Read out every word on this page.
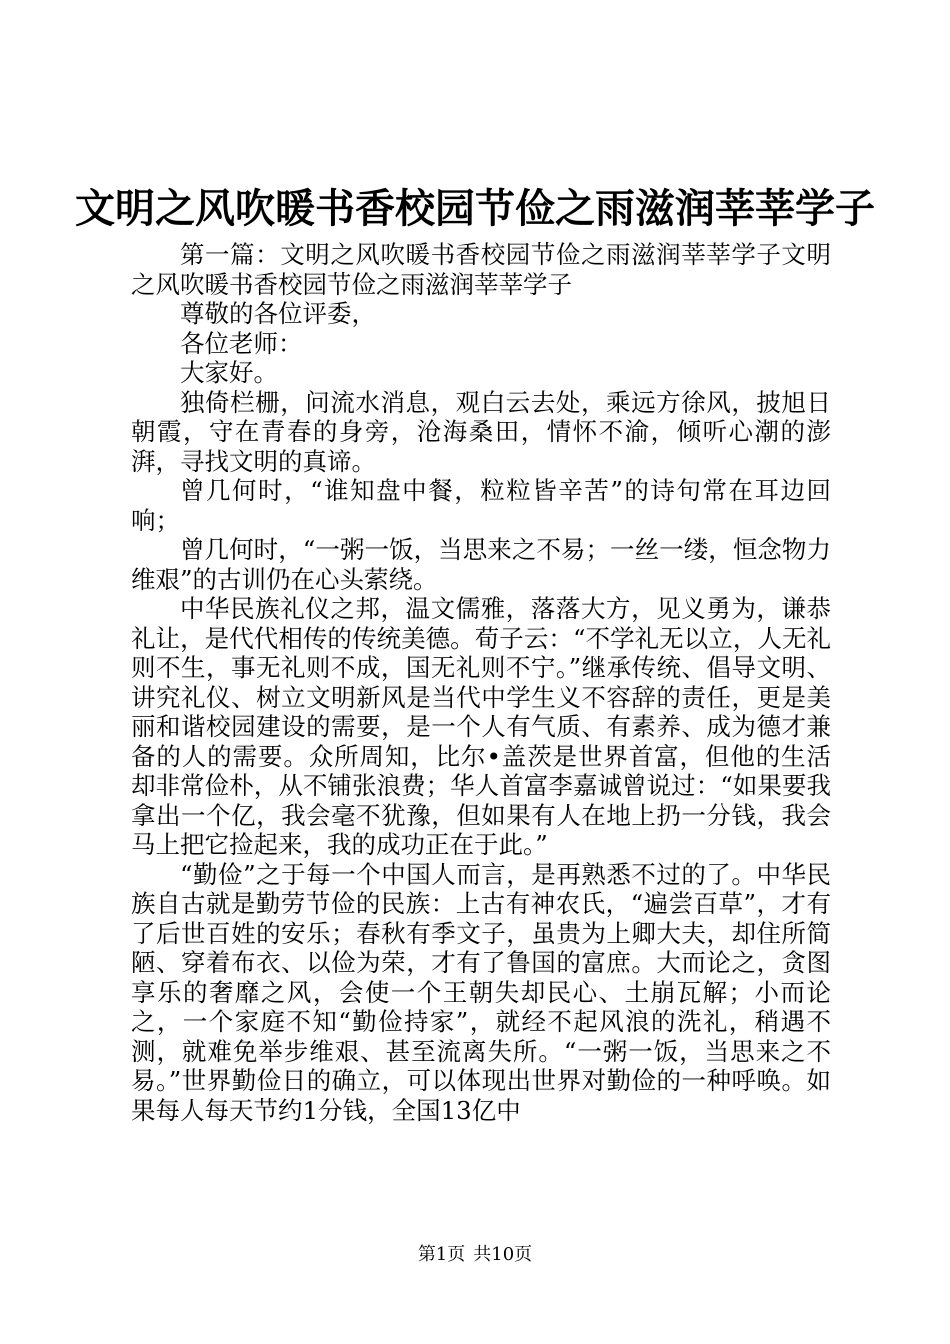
文明之风吹暖书香校园节俭之雨滋润莘莘学子

第一篇：文明之风吹暖书香校园节俭之雨滋润莘莘学子文明之风吹暖书香校园节俭之雨滋润莘莘学子

尊敬的各位评委，

各位老师：

大家好。

独倚栏栅，问流水消息，观白云去处，乘远方徐风，披旭日朝霞，守在青春的身旁，沧海桑田，情怀不渝，倾听心潮的澎湃，寻找文明的真谛。

曾几何时，“谁知盘中餐，粒粒皆辛苦”的诗句常在耳边回响；

曾几何时，“一粥一饭，当思来之不易；一丝一缕，恒念物力维艰”的古训仍在心头萦绕。

中华民族礼仪之邦，温文儒雅，落落大方，见义勇为，谦恭礼让，是代代相传的传统美德。荀子云：“不学礼无以立，人无礼则不生，事无礼则不成，国无礼则不宁。”继承传统、倡导文明、讲究礼仪、树立文明新风是当代中学生义不容辞的责任，更是美丽和谐校园建设的需要，是一个人有气质、有素养、成为德才兼备的人的需要。众所周知，比尔•盖茨是世界首富，但他的生活却非常俭朴，从不铺张浪费；华人首富李嘉诚曾说过：“如果要我拿出一个亿，我会毫不犹豫，但如果有人在地上扔一分钱，我会马上把它捡起来，我的成功正在于此。”

“勤俭”之于每一个中国人而言，是再熟悉不过的了。中华民族自古就是勤劳节俭的民族：上古有神农氏，“遍尝百草”，才有了后世百姓的安乐；春秋有季文子，虽贵为上卿大夫，却住所简陋、穿着布衣、以俭为荣，才有了鲁国的富庶。大而论之，贪图享乐的奢靡之风，会使一个王朝失却民心、土崩瓦解；小而论之，一个家庭不知“勤俭持家”，就经不起风浪的洗礼，稍遇不测，就难免举步维艰、甚至流离失所。“一粥一饭，当思来之不易。”世界勤俭日的确立，可以体现出世界对勤俭的一种呼唤。如果每人每天节约1分钱，全国13亿中

第1页 共10页
